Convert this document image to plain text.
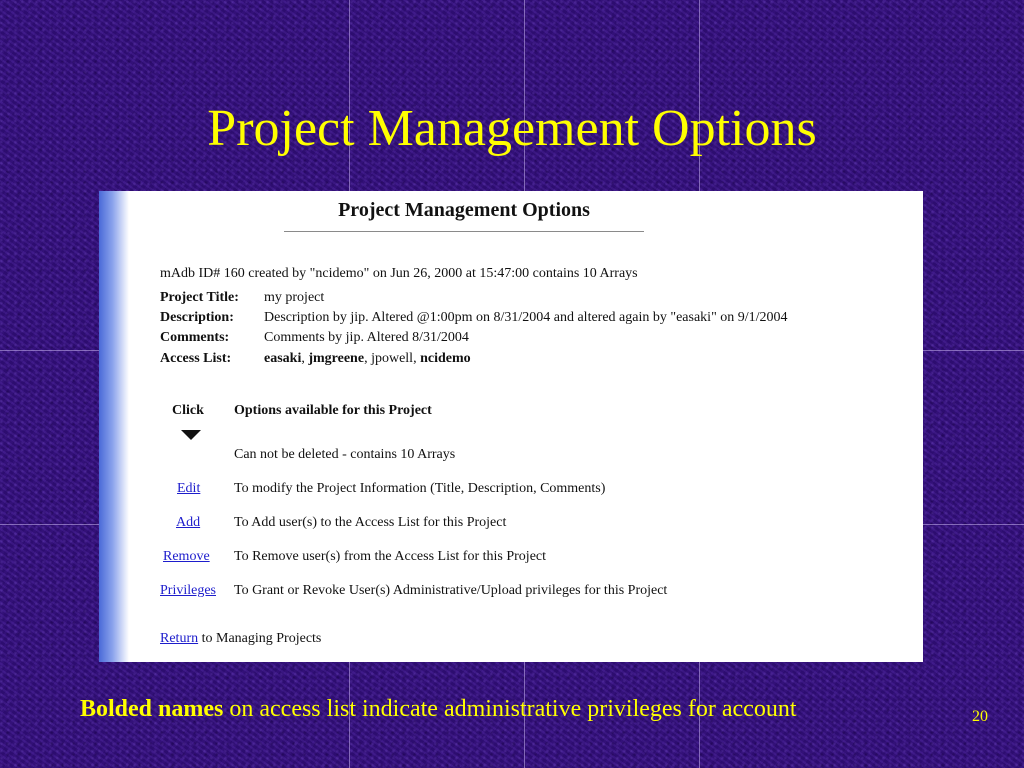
Project Management Options
Project Management Options
mAdb ID# 160 created by "ncidemo" on Jun 26, 2000 at 15:47:00 contains 10 Arrays
Project Title: my project
Description: Description by jip. Altered @1:00pm on 8/31/2004 and altered again by "easaki" on 9/1/2004
Comments: Comments by jip. Altered 8/31/2004
Access List: easaki, jmgreene, jpowell, ncidemo
Click Options available for this Project
Can not be deleted - contains 10 Arrays
Edit To modify the Project Information (Title, Description, Comments)
Add To Add user(s) to the Access List for this Project
Remove To Remove user(s) from the Access List for this Project
Privileges To Grant or Revoke User(s) Administrative/Upload privileges for this Project
Return to Managing Projects
Bolded names on access list indicate administrative privileges for account	20
